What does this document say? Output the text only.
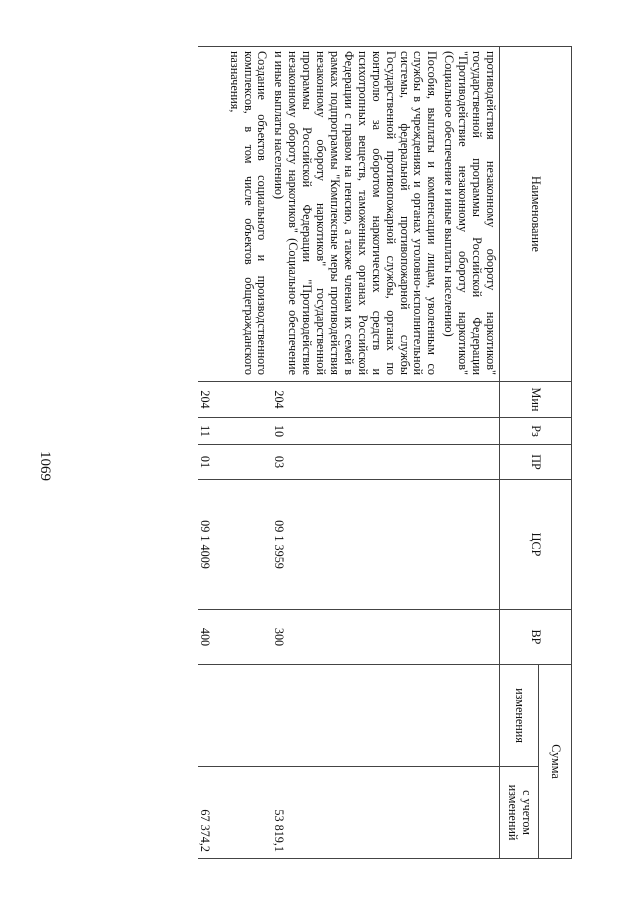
1069
Наименование	Мин	Рз	ПР	ЦСР	ВР	Сумма	
						изменения	с учетом изменений
противодействия незаконному обороту наркотиков" государственной программы Российской Федерации "Противодействие незаконному обороту наркотиков" (Социальное обеспечение и иные выплаты населению)							
Пособия, выплаты и компенсации лицам, уволенным со службы в учреждениях и органах уголовно-исполнительной системы, федеральной противопожарной службы Государственной противопожарной службы, органах по контролю за оборотом наркотических средств и психотропных веществ, таможенных органах Российской Федерации с правом на пенсию, а также членам их семей в рамках подпрограммы "Комплексные меры противодействия незаконному обороту наркотиков" государственной программы Российской Федерации "Противодействие незаконному обороту наркотиков" (Социальное обеспечение и иные выплаты населению)	204	10	03	09 1 3959	300		53 819,1
Создание объектов социального и производственного комплексов, в том числе объектов общегражданского назначения,	204	11	01	09 1 4009	400		67 374,2
